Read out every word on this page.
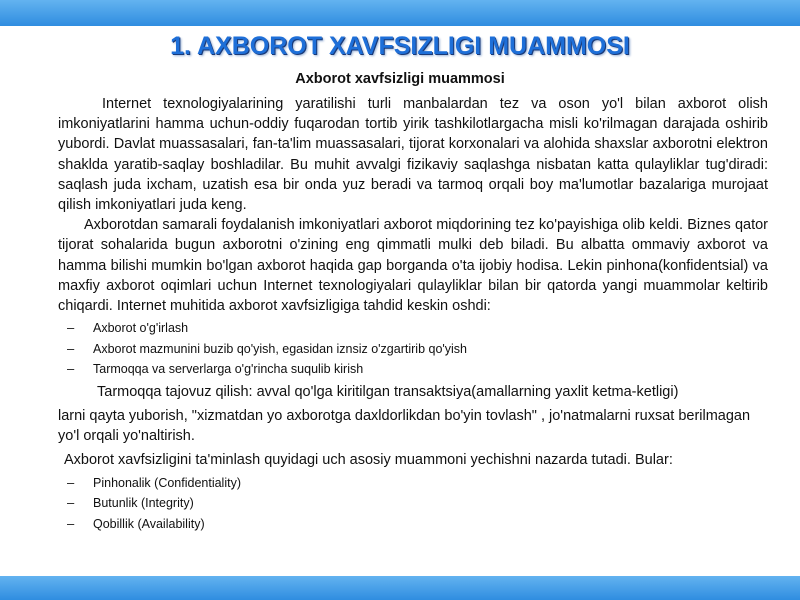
1. AXBOROT XAVFSIZLIGI MUAMMOSI
Axborot xavfsizligi muammosi

Internet texnologiyalarining yaratilishi turli manbalardan tez va oson yo'l bilan axborot olish imkoniyatlarini hamma uchun-oddiy fuqarodan tortib yirik tashkilotlargacha misli ko'rilmagan darajada oshirib yubordi. Davlat muassasalari, fan-ta'lim muassasalari, tijorat korxonalari va alohida shaxslar axborotni elektron shaklda yaratib-saqlay boshladilar. Bu muhit avvalgi fizikaviy saqlashga nisbatan katta qulayliklar tug'diradi: saqlash juda ixcham, uzatish esa bir onda yuz beradi va tarmoq orqali boy ma'lumotlar bazalariga murojaat qilish imkoniyatlari juda keng.

Axborotdan samarali foydalanish imkoniyatlari axborot miqdorining tez ko'payishiga olib keldi. Biznes qator tijorat sohalarida bugun axborotni o'zining eng qimmatli mulki deb biladi. Bu albatta ommaviy axborot va hamma bilishi mumkin bo'lgan axborot haqida gap borganda o'ta ijobiy hodisa. Lekin pinhona(konfidentsial) va maxfiy axborot oqimlari uchun Internet texnologiyalari qulayliklar bilan bir qatorda yangi muammolar keltirib chiqardi. Internet muhitida axborot xavfsizligiga tahdid keskin oshdi:

– Axborot o'g'irlash
– Axborot mazmunini buzib qo'yish, egasidan iznsiz o'zgartirib qo'yish
– Tarmoqqa va serverlarga o'g'rincha suqulib kirish

Tarmoqqa tajovuz qilish: avval qo'lga kiritilgan transaktsiya(amallarning yaxlit ketma-ketligi)

larni qayta yuborish, "xizmatdan yo axborotga daxldorlikdan bo'yin tovlash" , jo'natmalarni ruxsat berilmagan yo'l orqali yo'naltirish.

Axborot xavfsizligini ta'minlash quyidagi uch asosiy muammoni yechishni nazarda tutadi. Bular:

– Pinhonalik (Confidentiality)
– Butunlik (Integrity)
– Qobillik (Availability)
